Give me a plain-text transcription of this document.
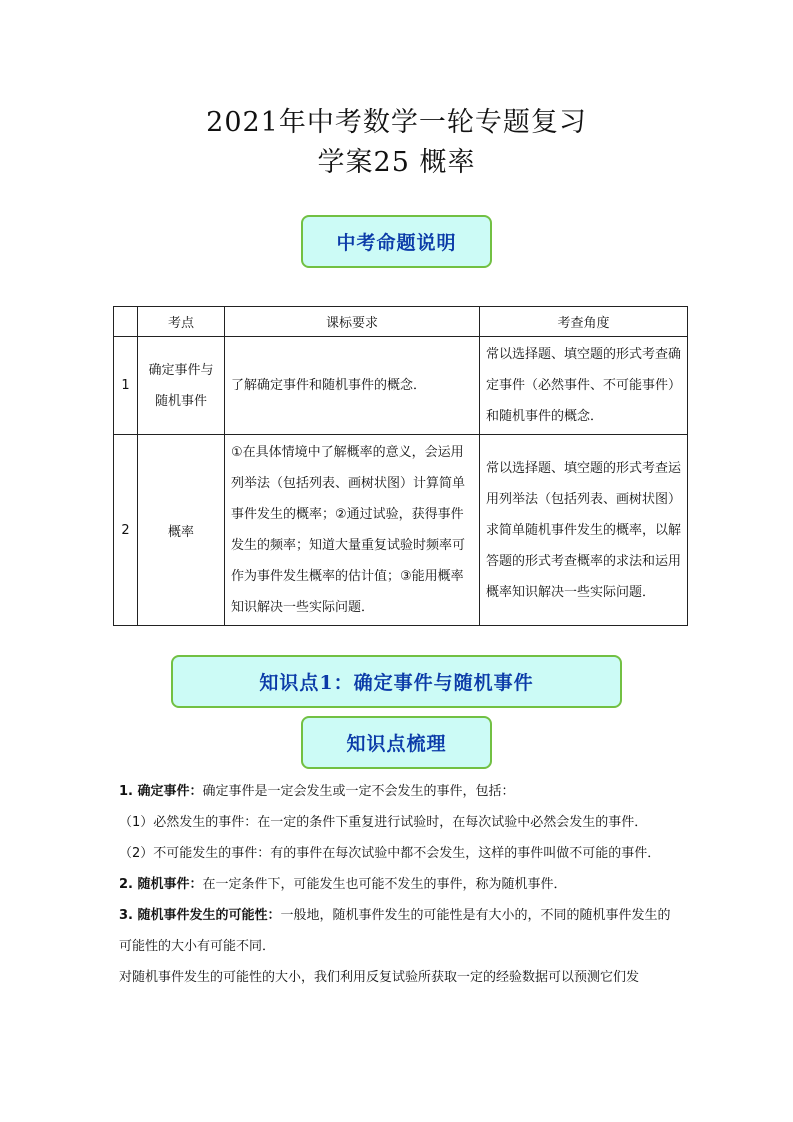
2021年中考数学一轮专题复习
学案25 概率
中考命题说明
	考点	课标要求	考查角度
1	确定事件与随机事件	了解确定事件和随机事件的概念．	常以选择题、填空题的形式考查确定事件（必然事件、不可能事件）和随机事件的概念．
2	概率	①在具体情境中了解概率的意义，会运用列举法（包括列表、画树状图）计算简单事件发生的概率；②通过试验，获得事件发生的频率；知道大量重复试验时频率可作为事件发生概率的估计值；③能用概率知识解决一些实际问题．	常以选择题、填空题的形式考查运用列举法（包括列表、画树状图）求简单随机事件发生的概率，以解答题的形式考查概率的求法和运用概率知识解决一些实际问题．
知识点1：确定事件与随机事件
知识点梳理

1. 确定事件：确定事件是一定会发生或一定不会发生的事件，包括：

（1）必然发生的事件：在一定的条件下重复进行试验时，在每次试验中必然会发生的事件．

（2）不可能发生的事件：有的事件在每次试验中都不会发生，这样的事件叫做不可能的事件．

2. 随机事件：在一定条件下，可能发生也可能不发生的事件，称为随机事件．

3. 随机事件发生的可能性：一般地，随机事件发生的可能性是有大小的，不同的随机事件发生的可能性的大小有可能不同．

对随机事件发生的可能性的大小，我们利用反复试验所获取一定的经验数据可以预测它们发
